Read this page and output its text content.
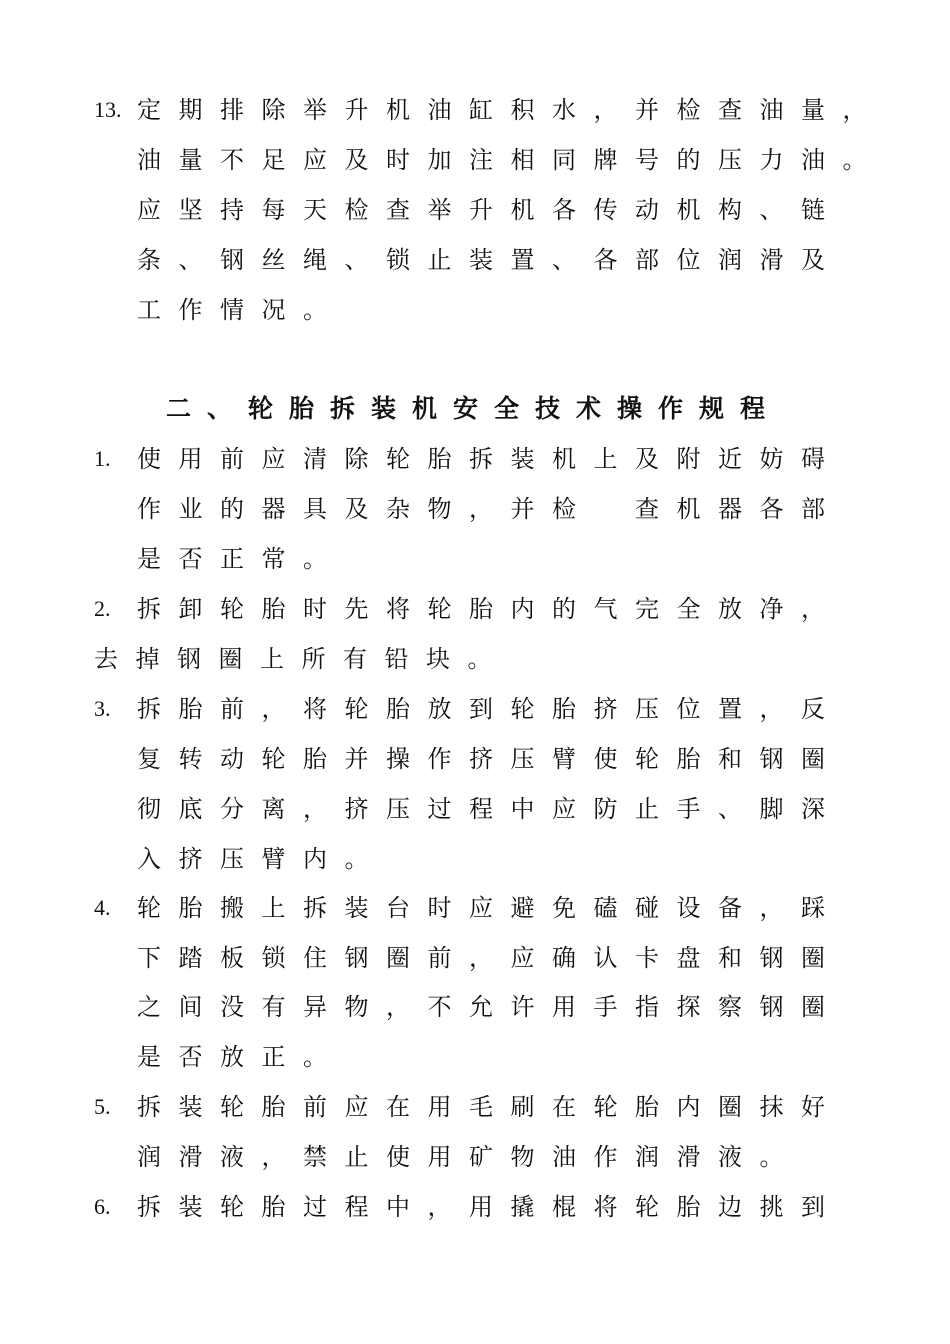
13. 定期排除举升机油缸积水，并检查油量，
油量不足应及时加注相同牌号的压力油。
应坚持每天检查举升机各传动机构、链
条、钢丝绳、锁止装置、各部位润滑及
工作情况。
二、轮胎拆装机安全技术操作规程
1. 使用前应清除轮胎拆装机上及附近妨碍
作业的器具及杂物，并检　查机器各部
是否正常。
2. 拆卸轮胎时先将轮胎内的气完全放净，
去掉钢圈上所有铅块。
3. 拆胎前，将轮胎放到轮胎挤压位置，反
复转动轮胎并操作挤压臂使轮胎和钢圈
彻底分离，挤压过程中应防止手、脚深
入挤压臂内。
4. 轮胎搬上拆装台时应避免磕碰设备，踩
下踏板锁住钢圈前，应确认卡盘和钢圈
之间没有异物，不允许用手指探察钢圈
是否放正。
5. 拆装轮胎前应在用毛刷在轮胎内圈抹好
润滑液，禁止使用矿物油作润滑液。
6. 拆装轮胎过程中，用撬棍将轮胎边挑到
